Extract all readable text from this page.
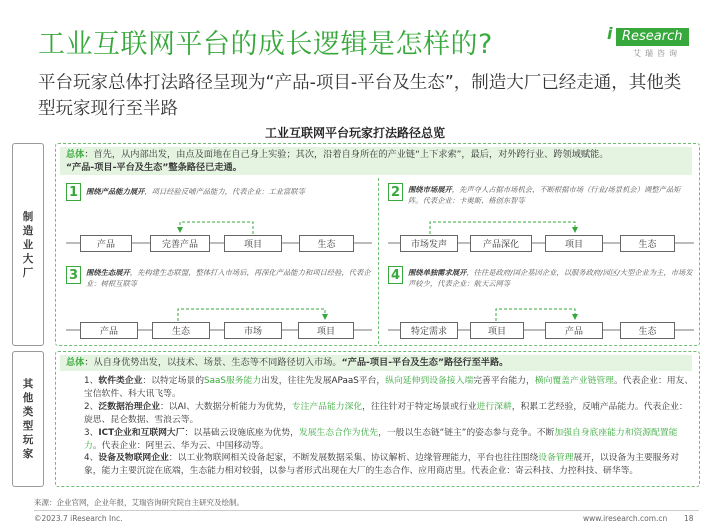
工业互联网平台的成长逻辑是怎样的?	i Research
艾瑞咨询
平台玩家总体打法路径呈现为“产品-项目-平台及生态”，制造大厂已经走通，其他类型玩家现行至半路
工业互联网平台玩家打法路径总览
制
造
业
大
厂
其
他
类
型
玩
家
总体：首先，从内部出发，由点及面地在自己身上实验；其次，沿着自身所在的产业链“上下求索”，最后，对外跨行业、跨领域赋能。
“产品-项目-平台及生态”整条路径已走通。
1	围绕产品能力展开，项目经验反哺产品能力，代表企业：工业富联等	2	围绕市场展开，先声夺人占据市场机会，不断根据市场（行业/场景机会）调整产品矩阵。代表企业：卡奥斯、格创东智等
3	围绕生态展开，先构建生态联盟，整体打入市场后，再深化产品能力和项目经验，代表企业：树根互联等
4	围绕单独需求展开，往往是政府/国企基因企业，以服务政府/园区/大型企业为主，市场发声较少，代表企业：航天云网等
产品	完善产品	项目	生态	市场发声	产品深化	项目	生态
产品	生态	市场	项目	特定需求	项目	产品	生态
总体：从自身优势出发，以技术、场景、生态等不同路径切入市场。“产品-项目-平台及生态”路径行至半路。

1、软件类企业：以特定场景的SaaS服务能力出发，往往先发展APaaS平台，纵向延伸到设备接入端完善平台能力，横向覆盖产业链管理。代表企业：用友、宝信软件、科大讯飞等。

2、泛数据治理企业：以AI、大数据分析能力为优势，专注产品能力深化，往往针对于特定场景或行业进行深耕，积累工艺经验，反哺产品能力。代表企业：旋思、昆仑数据、雪浪云等。

3、ICT企业和互联网大厂：以基础云设施底座为优势，发展生态合作为优先，一般以生态链“链主”的姿态参与竞争。不断加强自身底座能力和资源配置能力。代表企业：阿里云、华为云、中国移动等。

4、设备及物联网企业：以工业物联网相关设备起家，不断发展数据采集、协议解析、边缘管理能力，平台也往往围绕设备管理展开，以设备为主要服务对象，能力主要沉淀在底端，生态能力相对较弱，以参与者形式出现在大厂的生态合作、应用商店里。代表企业：寄云科技、力控科技、研华等。

来源：企业官网，企业年报，艾瑞咨询研究院自主研究及绘制。
©2023.7 iResearch Inc.	www.iresearch.com.cn 18
